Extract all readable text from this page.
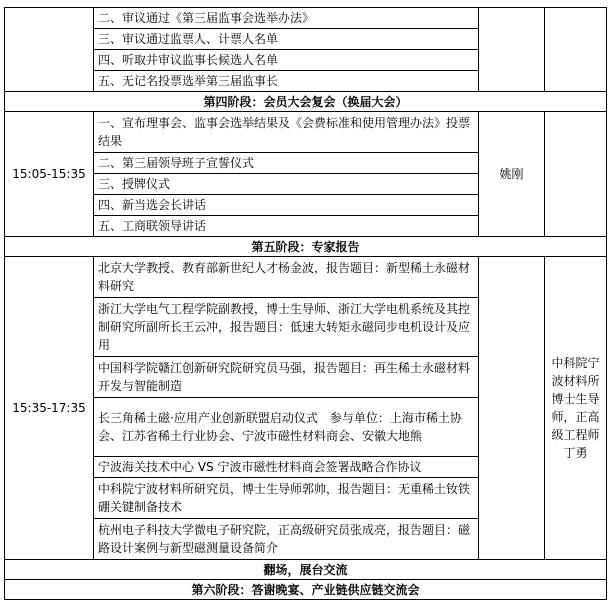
	二、审议通过《第三届监事会选举办法》		
	三、审议通过监票人、计票人名单		
	四、听取并审议监事长候选人名单		
	五、无记名投票选举第三届监事长		
第四阶段：会员大会复会（换届大会）			
15:05-15:35	一、宣布理事会、监事会选举结果及《会费标准和使用管理办法》投票结果	姚刚	
	二、第三届领导班子宣誓仪式		
	三、授牌仪式		
	四、新当选会长讲话		
	五、工商联领导讲话		
第五阶段：专家报告			
15:35-17:35	北京大学教授、教育部新世纪人才杨金波，报告题目：新型稀土永磁材料研究		中科院宁波材料所博士生导师，正高级工程师丁勇
	浙江大学电气工程学院副教授，博士生导师、浙江大学电机系统及其控制研究所副所长王云冲，报告题目：低速大转矩永磁同步电机设计及应用		
	中国科学院赣江创新研究院研究员马强，报告题目：再生稀土永磁材料开发与智能制造		
	长三角稀土磁·应用产业创新联盟启动仪式　参与单位：上海市稀土协会、江苏省稀土行业协会、宁波市磁性材料商会、安徽大地熊		
	宁波海关技术中心 VS 宁波市磁性材料商会签署战略合作协议		
	中科院宁波材料所研究员，博士生导师郭帅，报告题目：无重稀土钕铁硼关键制备技术		
	杭州电子科技大学微电子研究院，正高级研究员张成亮，报告题目：磁路设计案例与新型磁测量设备简介		
翻场，展台交流			
第六阶段：答谢晚宴、产业链供应链交流会			
